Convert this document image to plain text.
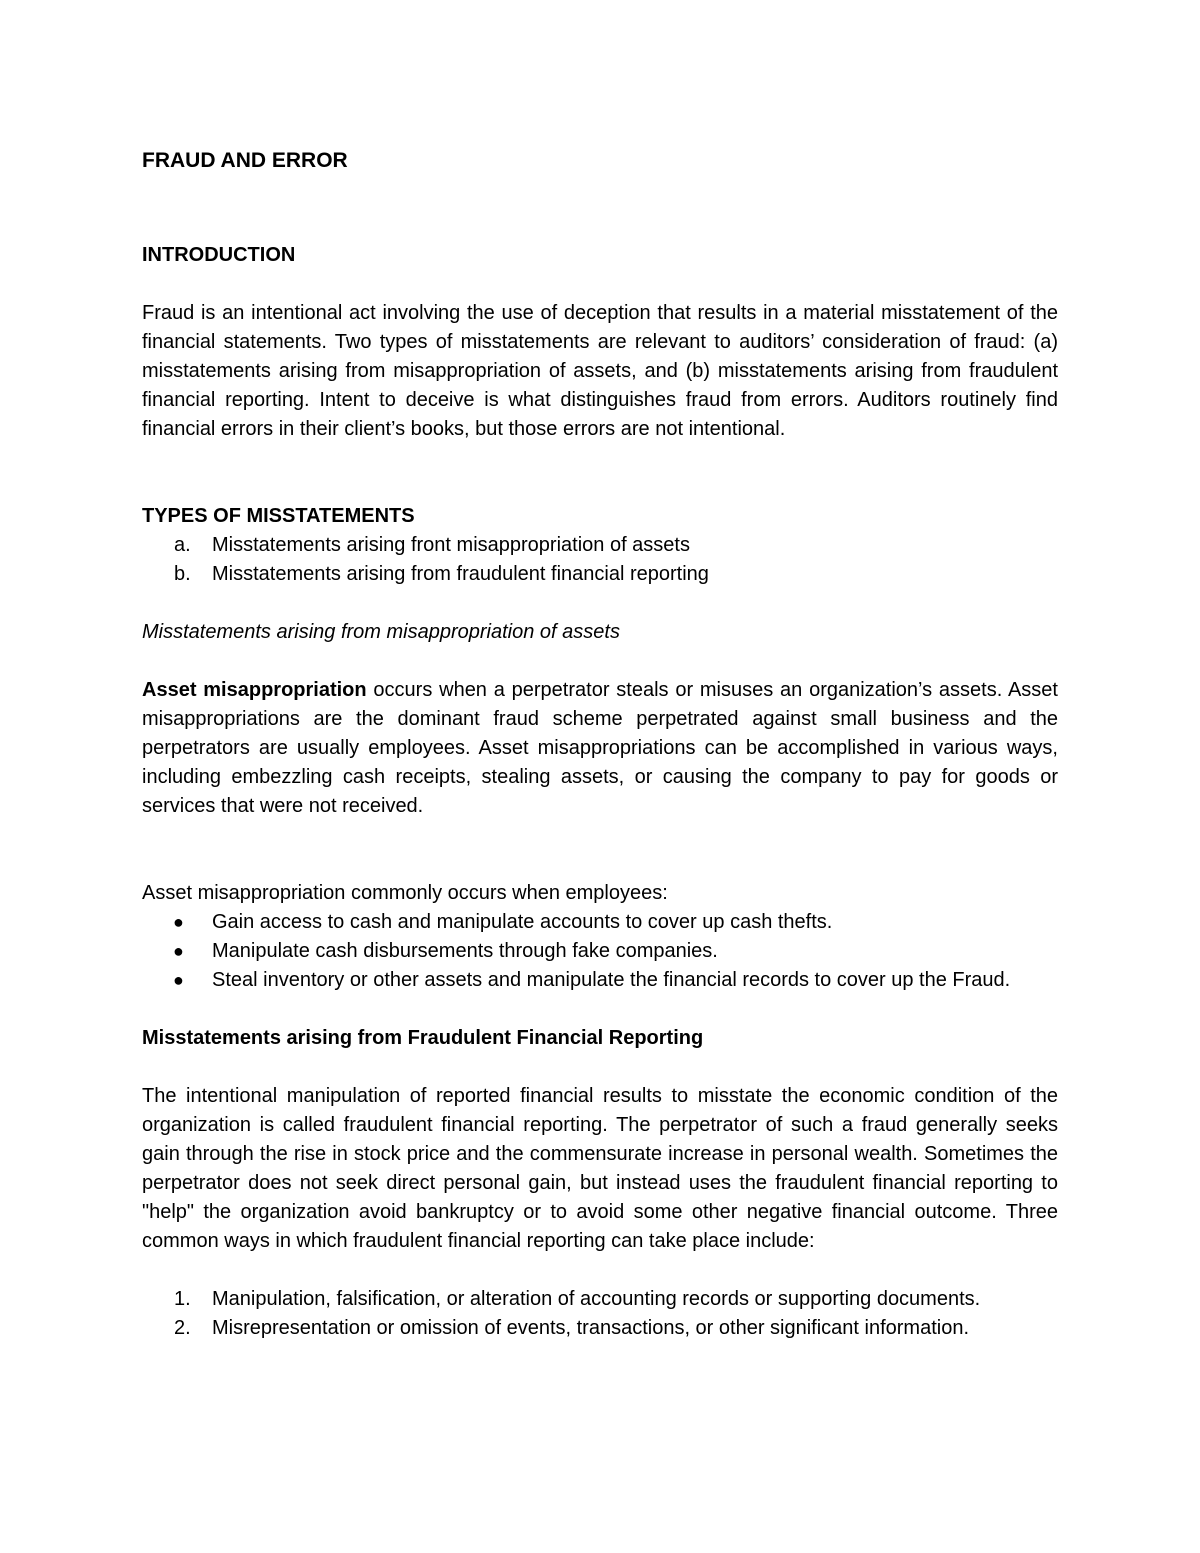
FRAUD AND ERROR

INTRODUCTION

Fraud is an intentional act involving the use of deception that results in a material misstatement of the financial statements. Two types of misstatements are relevant to auditors’ consideration of fraud: (a) misstatements arising from misappropriation of assets, and (b) misstatements arising from fraudulent financial reporting. Intent to deceive is what distinguishes fraud from errors. Auditors routinely find financial errors in their client’s books, but those errors are not intentional.

TYPES OF MISSTATEMENTS

a. Misstatements arising front misappropriation of assets
b. Misstatements arising from fraudulent financial reporting

Misstatements arising from misappropriation of assets

Asset misappropriation occurs when a perpetrator steals or misuses an organization’s assets. Asset misappropriations are the dominant fraud scheme perpetrated against small business and the perpetrators are usually employees. Asset misappropriations can be accomplished in various ways, including embezzling cash receipts, stealing assets, or causing the company to pay for goods or services that were not received.

Asset misappropriation commonly occurs when employees:

● Gain access to cash and manipulate accounts to cover up cash thefts.
● Manipulate cash disbursements through fake companies.
● Steal inventory or other assets and manipulate the financial records to cover up the Fraud.

Misstatements arising from Fraudulent Financial Reporting

The intentional manipulation of reported financial results to misstate the economic condition of the organization is called fraudulent financial reporting. The perpetrator of such a fraud generally seeks gain through the rise in stock price and the commensurate increase in personal wealth. Sometimes the perpetrator does not seek direct personal gain, but instead uses the fraudulent financial reporting to "help" the organization avoid bankruptcy or to avoid some other negative financial outcome. Three common ways in which fraudulent financial reporting can take place include:

1. Manipulation, falsification, or alteration of accounting records or supporting documents.
2. Misrepresentation or omission of events, transactions, or other significant information.
